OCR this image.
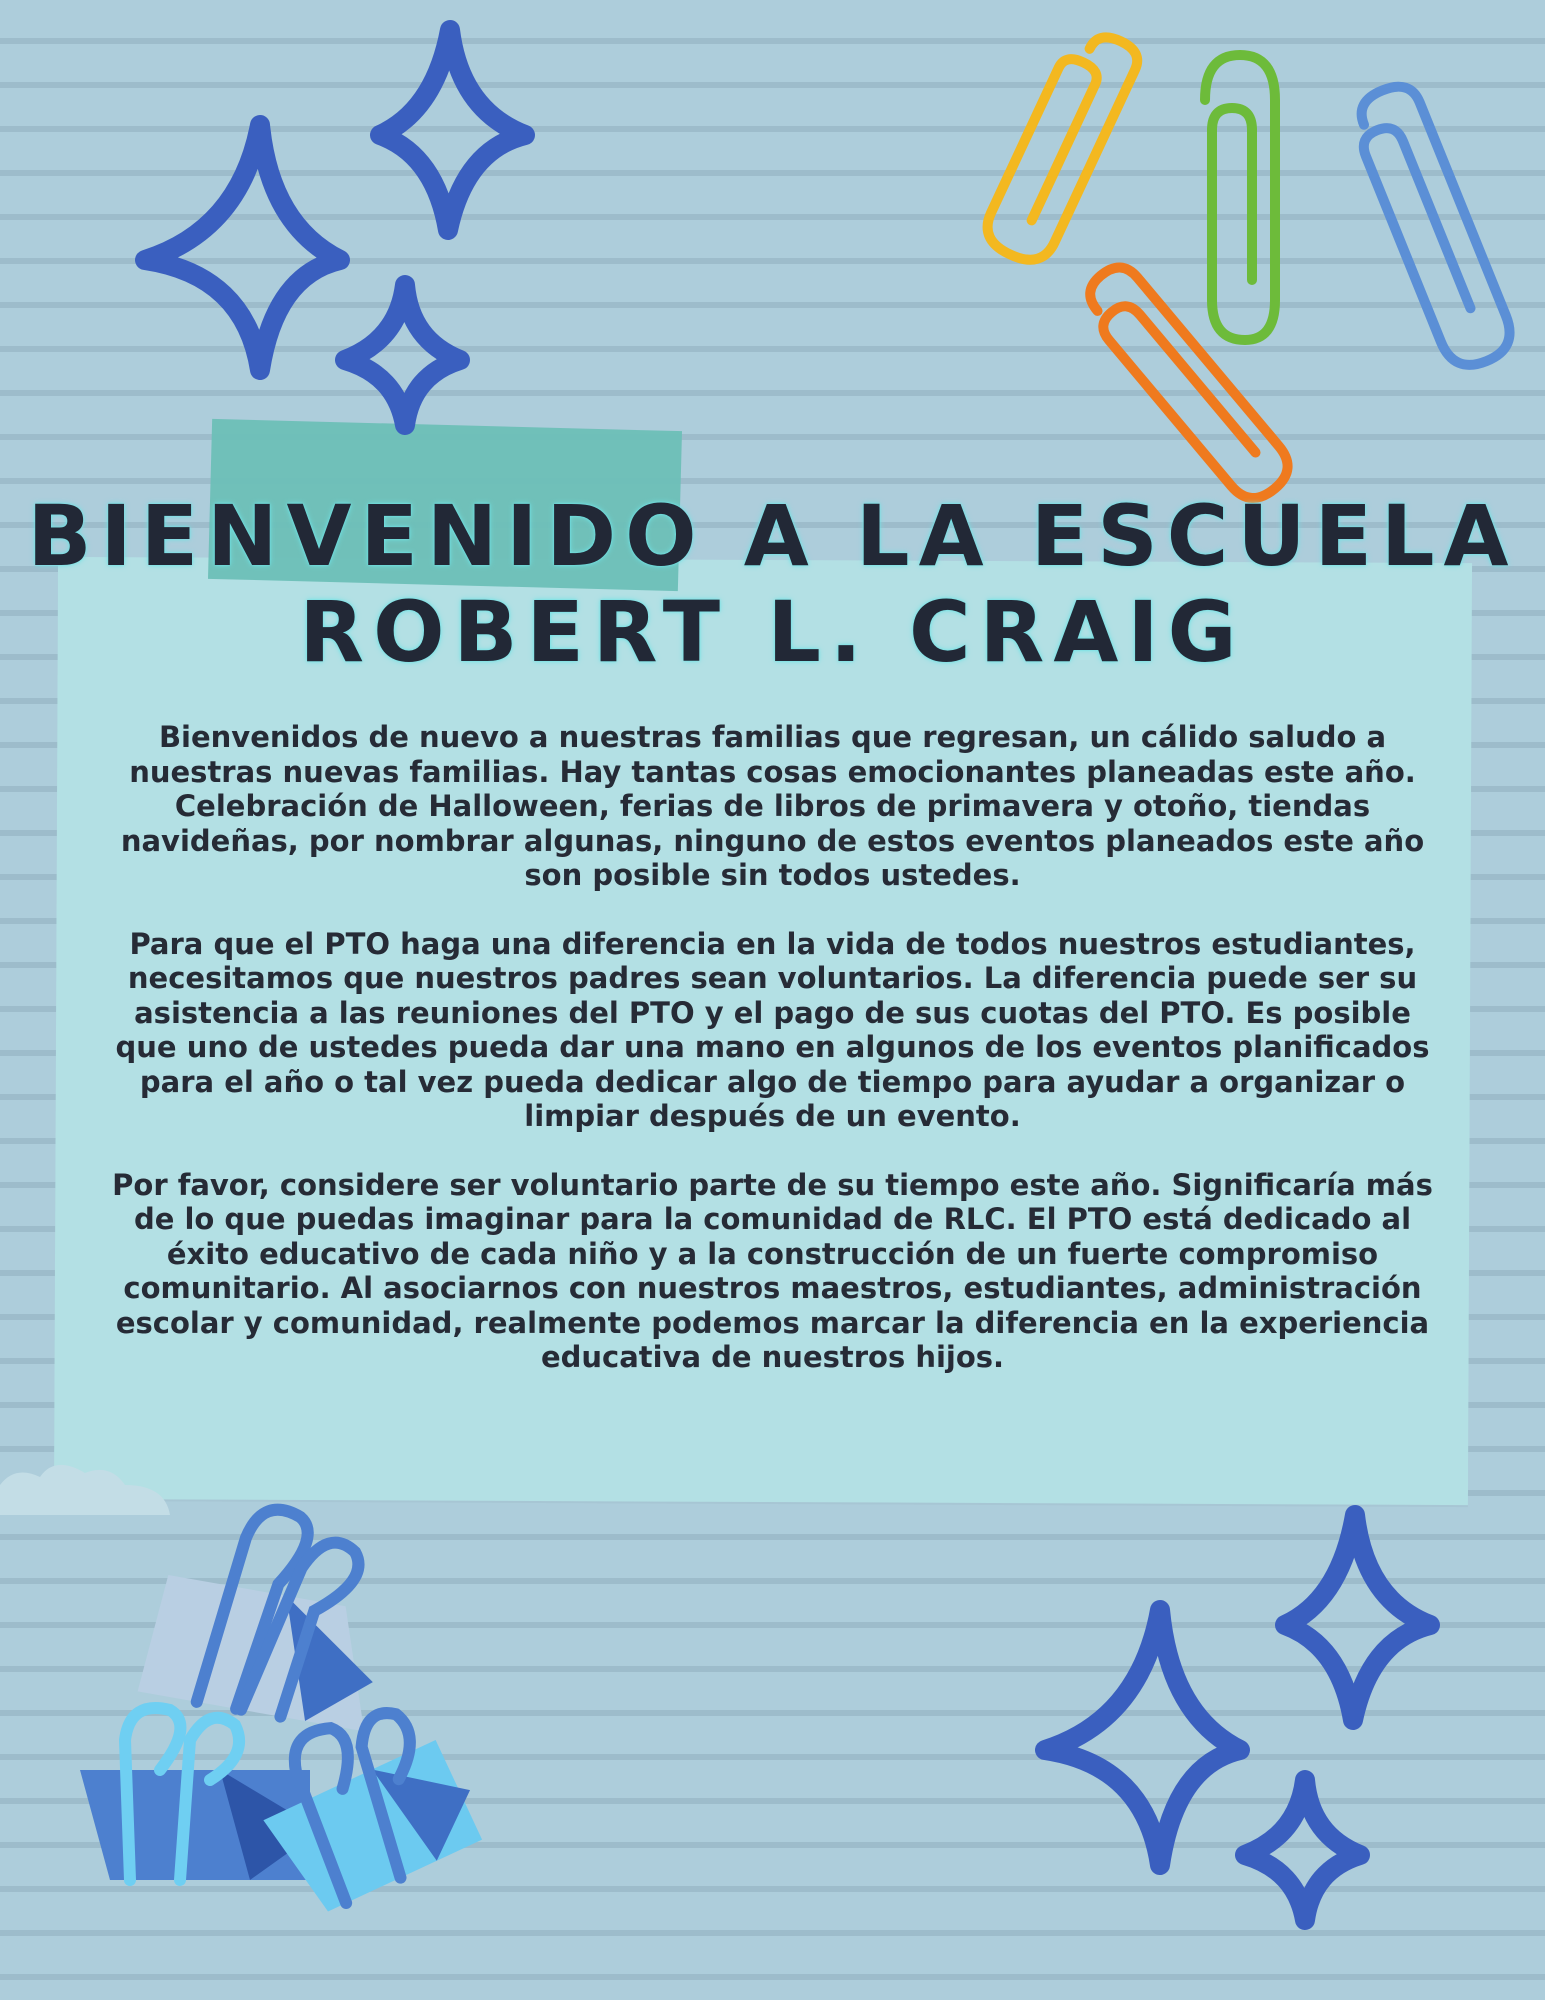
BIENVENIDO A LA ESCUELA
ROBERT L. CRAIG

Bienvenidos de nuevo a nuestras familias que regresan, un cálido saludo a nuestras nuevas familias. Hay tantas cosas emocionantes planeadas este año. Celebración de Halloween, ferias de libros de primavera y otoño, tiendas navideñas, por nombrar algunas, ninguno de estos eventos planeados este año son posible sin todos ustedes.

Para que el PTO haga una diferencia en la vida de todos nuestros estudiantes, necesitamos que nuestros padres sean voluntarios. La diferencia puede ser su asistencia a las reuniones del PTO y el pago de sus cuotas del PTO. Es posible que uno de ustedes pueda dar una mano en algunos de los eventos planificados para el año o tal vez pueda dedicar algo de tiempo para ayudar a organizar o limpiar después de un evento.

Por favor, considere ser voluntario parte de su tiempo este año. Significaría más de lo que puedas imaginar para la comunidad de RLC. El PTO está dedicado al éxito educativo de cada niño y a la construcción de un fuerte compromiso comunitario. Al asociarnos con nuestros maestros, estudiantes, administración escolar y comunidad, realmente podemos marcar la diferencia en la experiencia educativa de nuestros hijos.
